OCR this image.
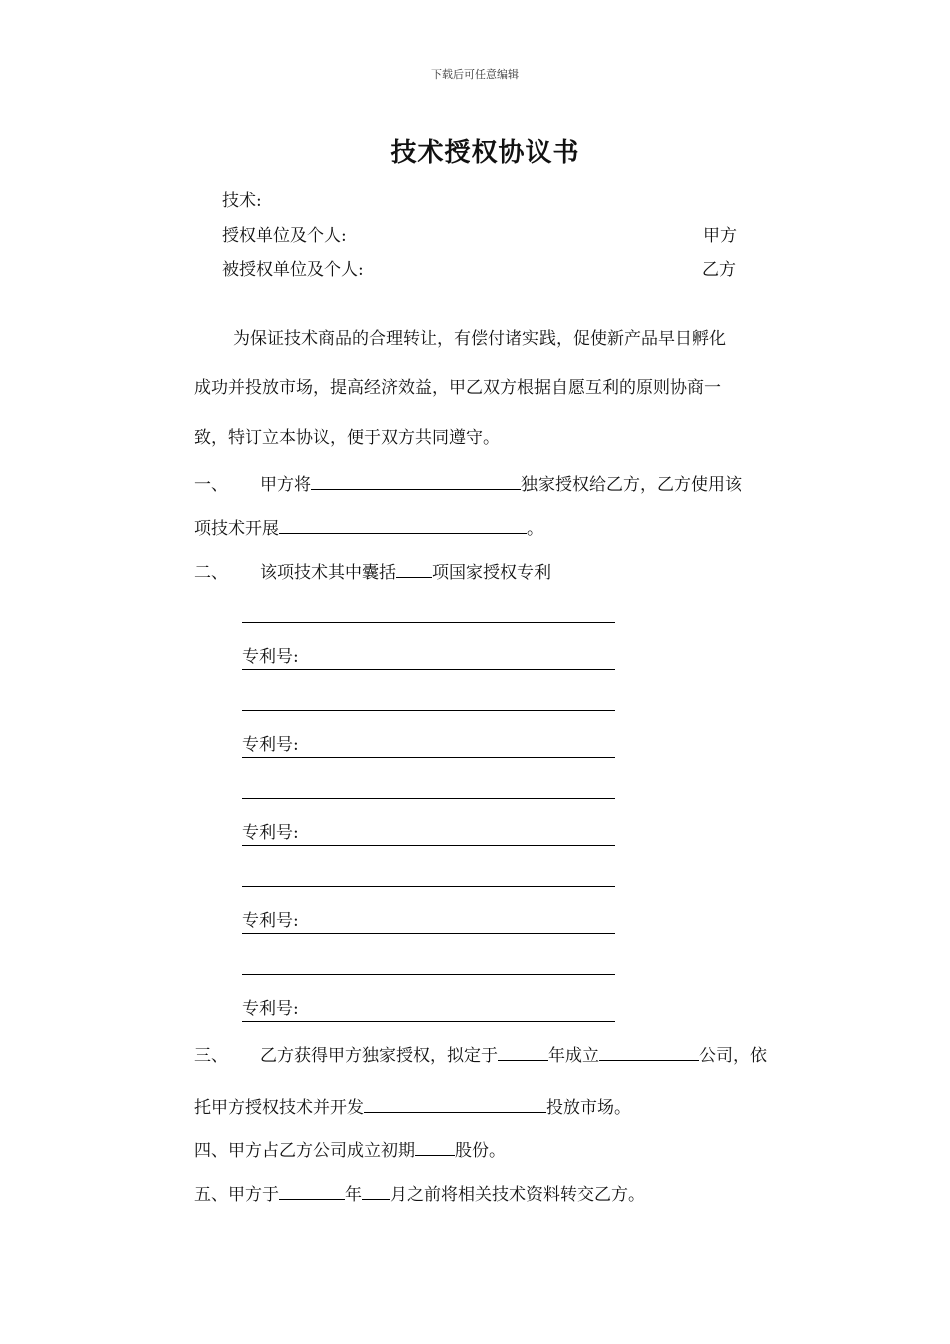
下载后可任意编辑
技术授权协议书
技术:
授权单位及个人:	甲方
被授权单位及个人:	乙方
为保证技术商品的合理转让，有偿付诸实践，促使新产品早日孵化
成功并投放市场，提高经济效益，甲乙双方根据自愿互利的原则协商一
致，特订立本协议，便于双方共同遵守。
一、 甲方将	独家授权给乙方，乙方使用该
项技术开展	。
二、 该项技术其中囊括 项国家授权专利
专利号:
专利号:
专利号:
专利号:
专利号:
三、 乙方获得甲方独家授权，拟定于	年成立	公司，依
托甲方授权技术并开发	投放市场。
四、甲方占乙方公司成立初期 股份。
五、甲方于	年 月之前将相关技术资料转交乙方。
